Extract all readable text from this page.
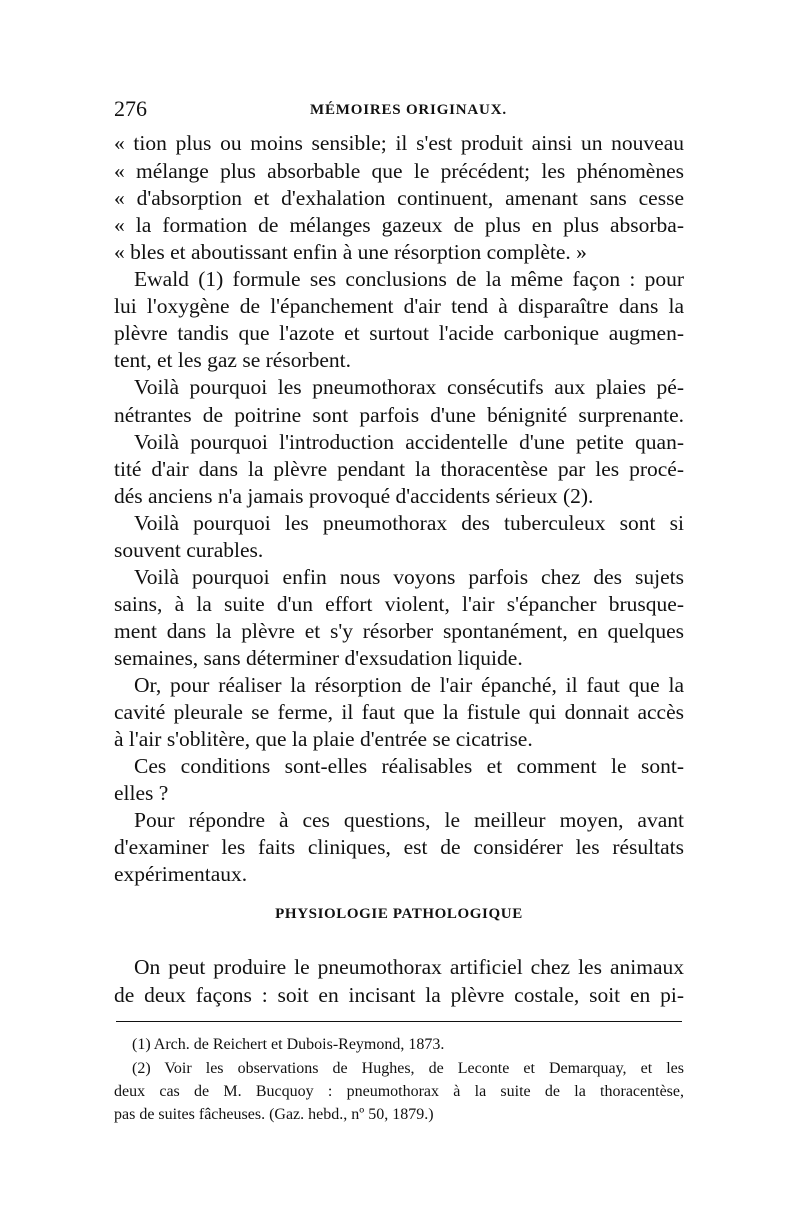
276	MÉMOIRES ORIGINAUX.

« tion plus ou moins sensible; il s'est produit ainsi un nouveau

« mélange plus absorbable que le précédent; les phénomènes

« d'absorption et d'exhalation continuent, amenant sans cesse

« la formation de mélanges gazeux de plus en plus absorba-

« bles et aboutissant enfin à une résorption complète. »

Ewald (1) formule ses conclusions de la même façon : pour

lui l'oxygène de l'épanchement d'air tend à disparaître dans la

plèvre tandis que l'azote et surtout l'acide carbonique augmen-

tent, et les gaz se résorbent.

Voilà pourquoi les pneumothorax consécutifs aux plaies pé-

nétrantes de poitrine sont parfois d'une bénignité surprenante.

Voilà pourquoi l'introduction accidentelle d'une petite quan-

tité d'air dans la plèvre pendant la thoracentèse par les procé-

dés anciens n'a jamais provoqué d'accidents sérieux (2).

Voilà pourquoi les pneumothorax des tuberculeux sont si

souvent curables.

Voilà pourquoi enfin nous voyons parfois chez des sujets

sains, à la suite d'un effort violent, l'air s'épancher brusque-

ment dans la plèvre et s'y résorber spontanément, en quelques

semaines, sans déterminer d'exsudation liquide.

Or, pour réaliser la résorption de l'air épanché, il faut que la

cavité pleurale se ferme, il faut que la fistule qui donnait accès

à l'air s'oblitère, que la plaie d'entrée se cicatrise.

Ces conditions sont-elles réalisables et comment le sont-

elles ?

Pour répondre à ces questions, le meilleur moyen, avant

d'examiner les faits cliniques, est de considérer les résultats

expérimentaux.

PHYSIOLOGIE PATHOLOGIQUE

On peut produire le pneumothorax artificiel chez les animaux

de deux façons : soit en incisant la plèvre costale, soit en pi-

(1) Arch. de Reichert et Dubois-Reymond, 1873.
(2) Voir les observations de Hughes, de Leconte et Demarquay, et les
deux cas de M. Bucquoy : pneumothorax à la suite de la thoracentèse,
pas de suites fâcheuses. (Gaz. hebd., nº 50, 1879.)
